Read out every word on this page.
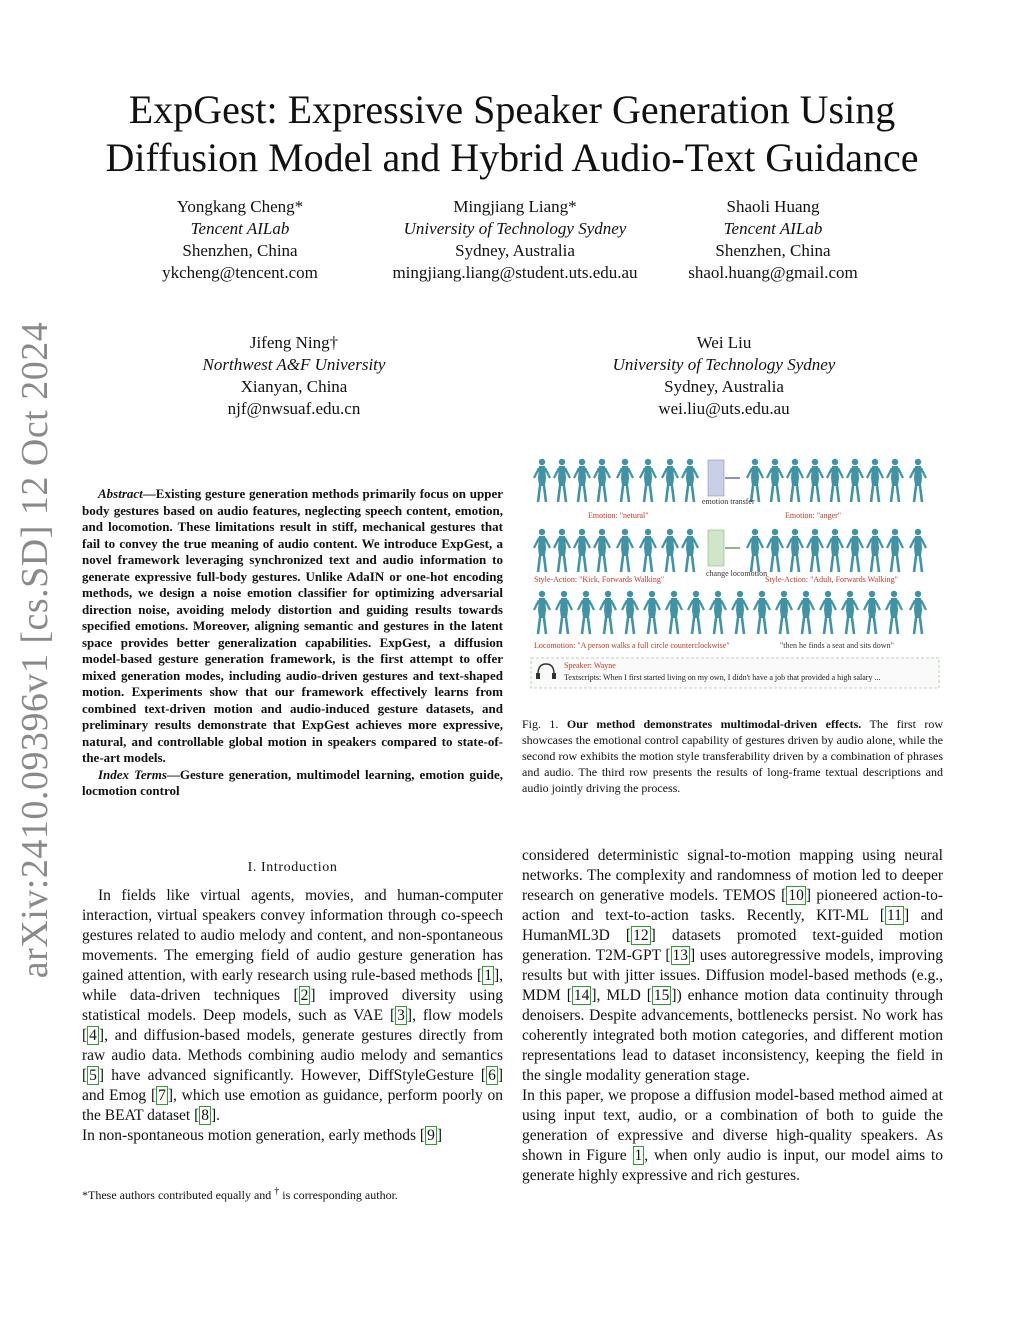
arXiv:2410.09396v1 [cs.SD] 12 Oct 2024
ExpGest: Expressive Speaker Generation Using
Diffusion Model and Hybrid Audio-Text Guidance
Yongkang Cheng*
Tencent AILab
Shenzhen, China
ykcheng@tencent.com
Mingjiang Liang*
University of Technology Sydney
Sydney, Australia
mingjiang.liang@student.uts.edu.au
Shaoli Huang
Tencent AILab
Shenzhen, China
shaol.huang@gmail.com
Jifeng Ning†
Northwest A&F University
Xianyan, China
njf@nwsuaf.edu.cn
Wei Liu
University of Technology Sydney
Sydney, Australia
wei.liu@uts.edu.au
Emotion: "netural"
emotion transfer
Emotion: "anger"
Style-Action: "Kick, Forwards Walking"
change locomotion
Style-Action: "Adult, Forwards Walking"
Locomotion: "A person walks a full circle counterclockwise"	"then he finds a seat and sits down"
Speaker: Wayne
Textscripts: When I first started living on my own, I didn't have a job that provided a high salary ...
Fig. 1. Our method demonstrates multimodal-driven effects. The first row showcases the emotional control capability of gestures driven by audio alone, while the second row exhibits the motion style transferability driven by a combination of phrases and audio. The third row presents the results of long-frame textual descriptions and audio jointly driving the process.
Abstract—Existing gesture generation methods primarily focus on upper body gestures based on audio features, neglecting speech content, emotion, and locomotion. These limitations result in stiff, mechanical gestures that fail to convey the true meaning of audio content. We introduce ExpGest, a novel framework leveraging synchronized text and audio information to generate expressive full-body gestures. Unlike AdaIN or one-hot encoding methods, we design a noise emotion classifier for optimizing adversarial direction noise, avoiding melody distortion and guiding results towards specified emotions. Moreover, aligning semantic and gestures in the latent space provides better generalization capabilities. ExpGest, a diffusion model-based gesture generation framework, is the first attempt to offer mixed generation modes, including audio-driven gestures and text-shaped motion. Experiments show that our framework effectively learns from combined text-driven motion and audio-induced gesture datasets, and preliminary results demonstrate that ExpGest achieves more expressive, natural, and controllable global motion in speakers compared to state-of-the-art models.
Index Terms—Gesture generation, multimodel learning, emotion guide, locmotion control
I. Introduction
In fields like virtual agents, movies, and human-computer interaction, virtual speakers convey information through co-speech gestures related to audio melody and content, and non-spontaneous movements. The emerging field of audio gesture generation has gained attention, with early research using rule-based methods [ 1 ], while data-driven techniques [ 2 ] improved diversity using statistical models. Deep models, such as VAE [ 3 ], flow models [ 4 ], and diffusion-based models, generate gestures directly from raw audio data. Methods combining audio melody and semantics [ 5 ] have advanced significantly. However, DiffStyleGesture [ 6 ] and Emog [ 7 ], which use emotion as guidance, perform poorly on the BEAT dataset [ 8 ].
In non-spontaneous motion generation, early methods [ 9 ]
*These authors contributed equally and † is corresponding author.
considered deterministic signal-to-motion mapping using neural networks. The complexity and randomness of motion led to deeper research on generative models. TEMOS [ 10 ] pioneered action-to-action and text-to-action tasks. Recently, KIT-ML [ 11 ] and HumanML3D [ 12 ] datasets promoted text-guided motion generation. T2M-GPT [ 13 ] uses autoregressive models, improving results but with jitter issues. Diffusion model-based methods (e.g., MDM [ 14 ], MLD [ 15 ]) enhance motion data continuity through denoisers. Despite advancements, bottlenecks persist. No work has coherently integrated both motion categories, and different motion representations lead to dataset inconsistency, keeping the field in the single modality generation stage.
In this paper, we propose a diffusion model-based method aimed at using input text, audio, or a combination of both to guide the generation of expressive and diverse high-quality speakers. As shown in Figure 1 , when only audio is input, our model aims to generate highly expressive and rich gestures.
